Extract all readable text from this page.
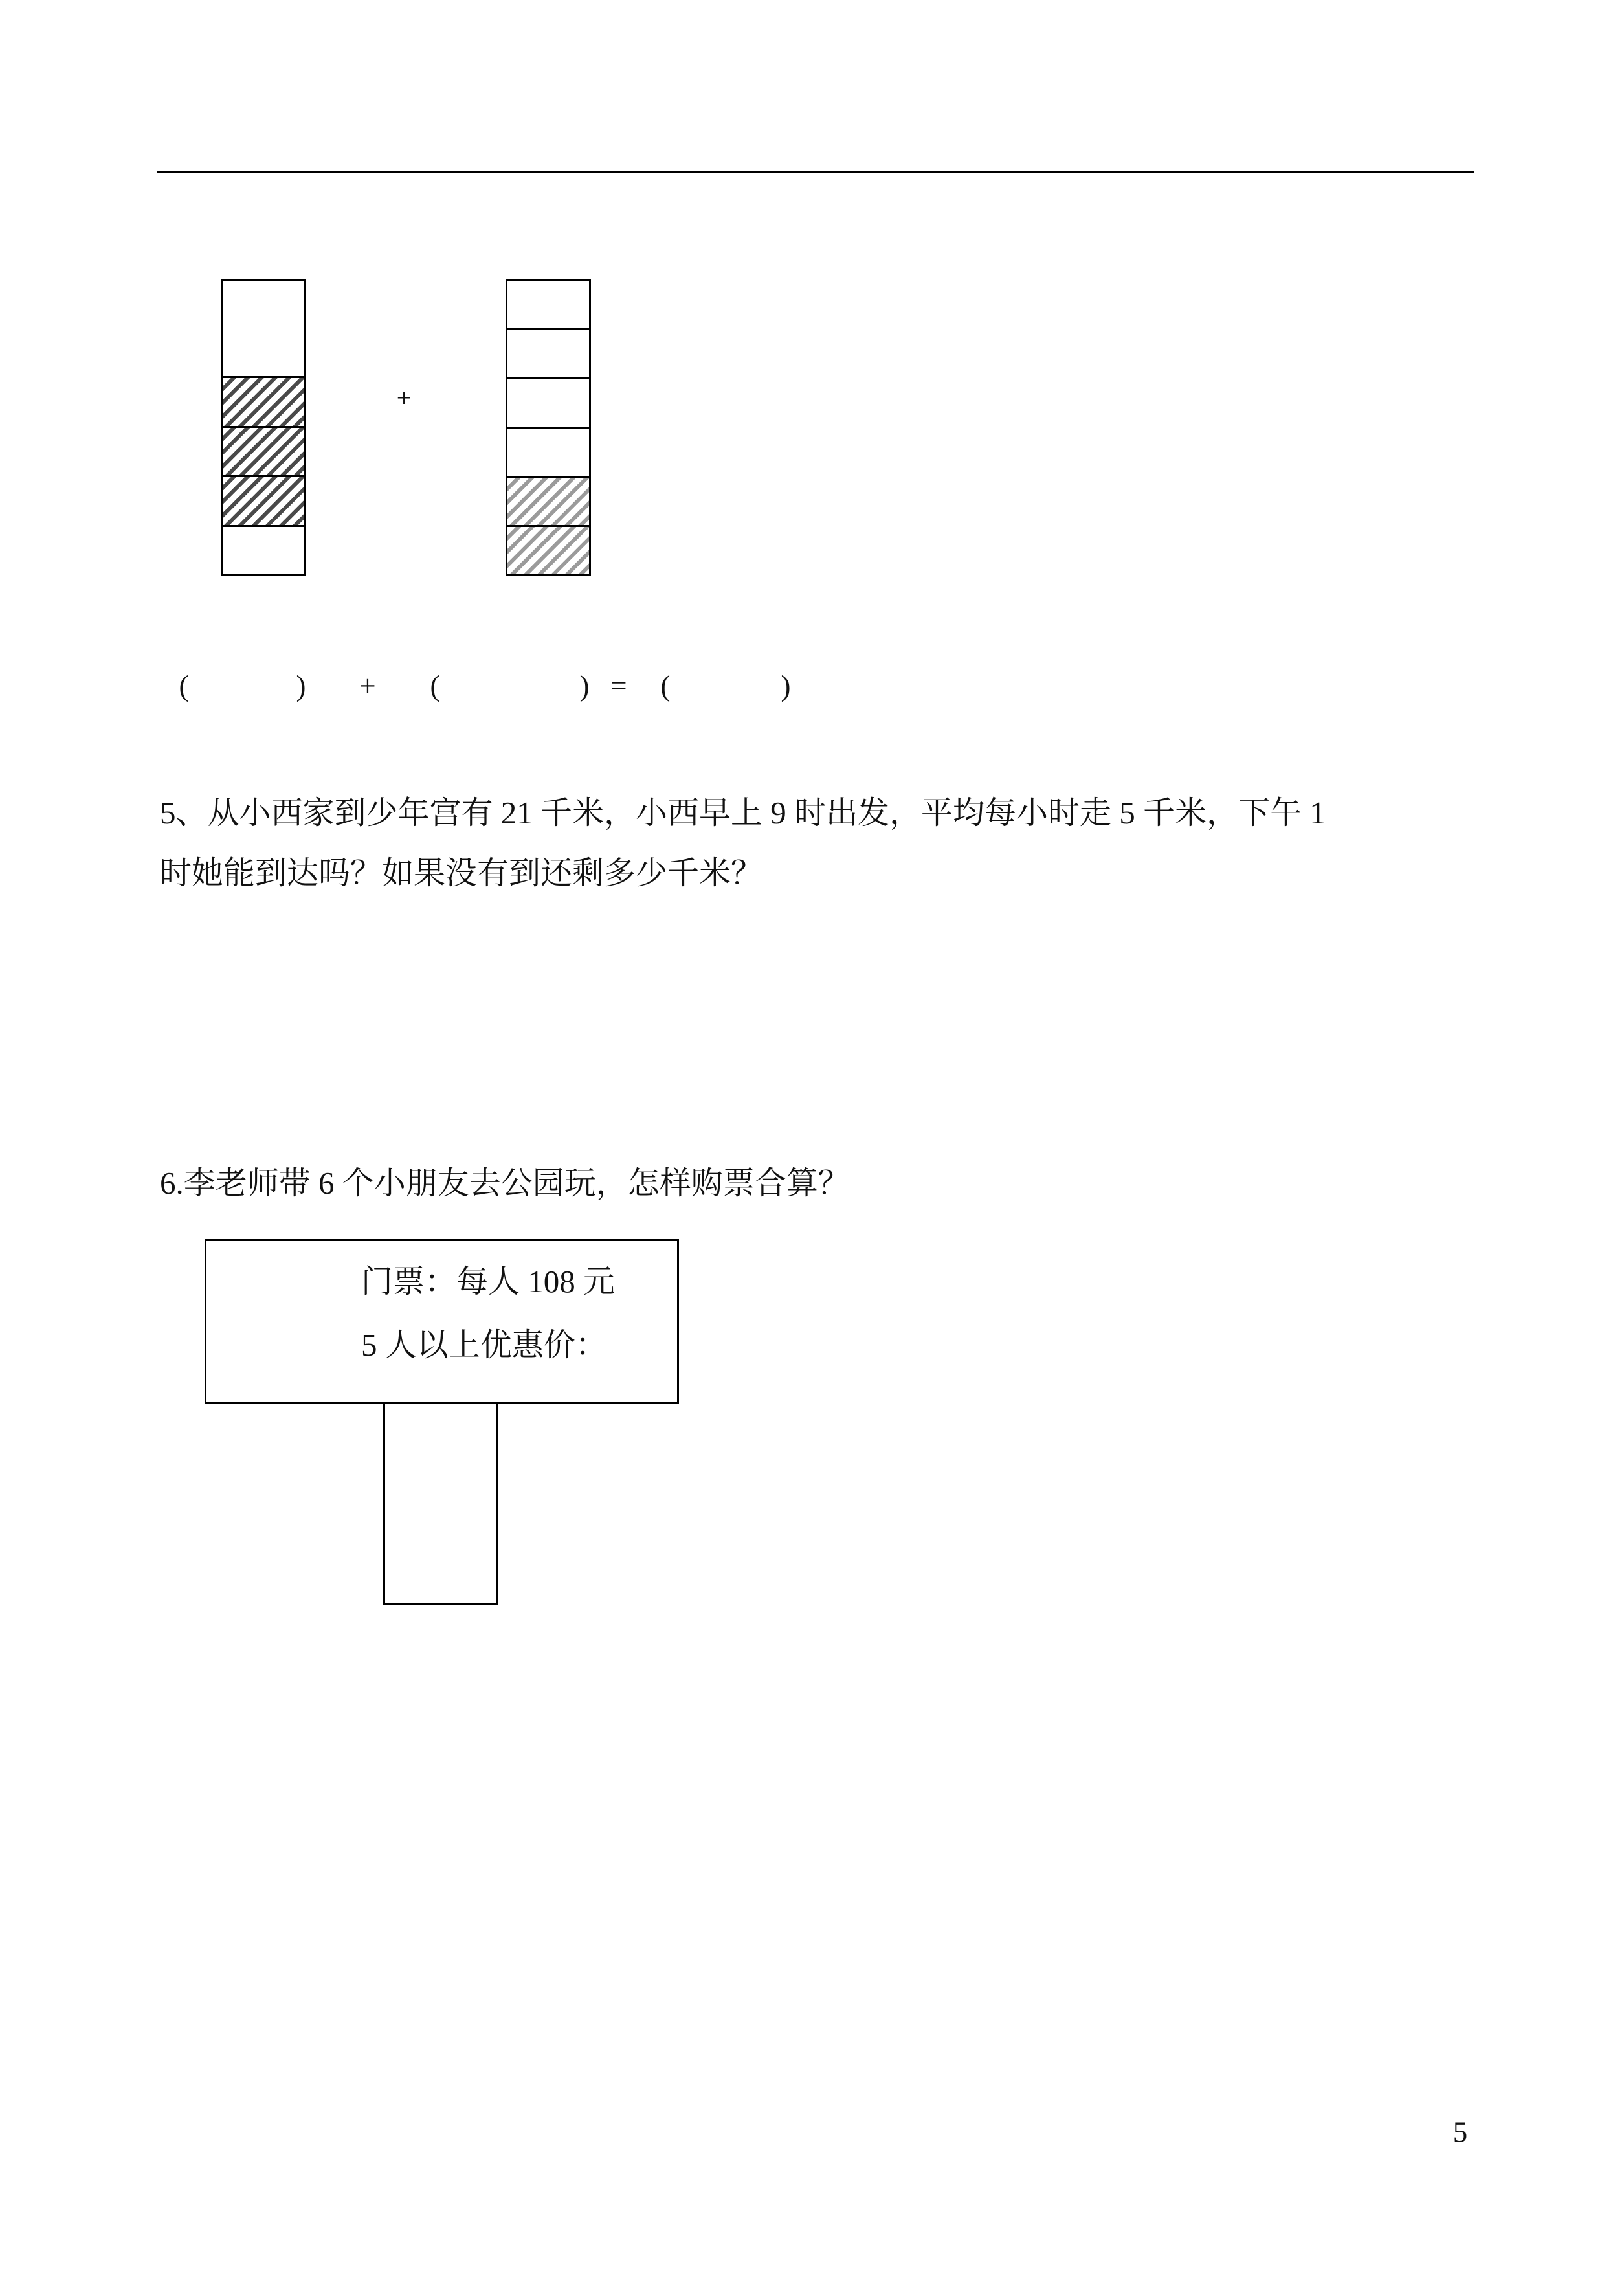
+
(	) + (	) = (	)
5、从小西家到少年宫有 21 千米，小西早上 9 时出发，平均每小时走 5 千米，下午 1
时她能到达吗？如果没有到还剩多少千米？
6.李老师带 6 个小朋友去公园玩，怎样购票合算？
门票：每人 108 元
5 人以上优惠价：
5
